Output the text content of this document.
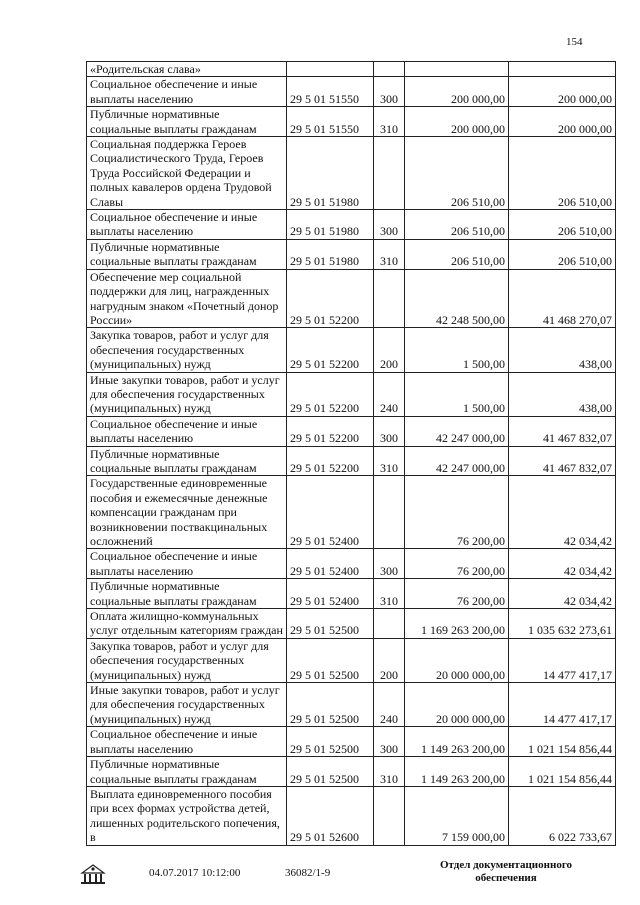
154
«Родительская слава»				
Социальное обеспечение и иные выплаты населению	29 5 01 51550	300	200 000,00	200 000,00
Публичные нормативные социальные выплаты гражданам	29 5 01 51550	310	200 000,00	200 000,00
Социальная поддержка Героев Социалистического Труда, Героев Труда Российской Федерации и полных кавалеров ордена Трудовой Славы	29 5 01 51980		206 510,00	206 510,00
Социальное обеспечение и иные выплаты населению	29 5 01 51980	300	206 510,00	206 510,00
Публичные нормативные социальные выплаты гражданам	29 5 01 51980	310	206 510,00	206 510,00
Обеспечение мер социальной поддержки для лиц, награжденных нагрудным знаком «Почетный донор России»	29 5 01 52200		42 248 500,00	41 468 270,07
Закупка товаров, работ и услуг для обеспечения государственных (муниципальных) нужд	29 5 01 52200	200	1 500,00	438,00
Иные закупки товаров, работ и услуг для обеспечения государственных (муниципальных) нужд	29 5 01 52200	240	1 500,00	438,00
Социальное обеспечение и иные выплаты населению	29 5 01 52200	300	42 247 000,00	41 467 832,07
Публичные нормативные социальные выплаты гражданам	29 5 01 52200	310	42 247 000,00	41 467 832,07
Государственные единовременные пособия и ежемесячные денежные компенсации гражданам при возникновении поствакцинальных осложнений	29 5 01 52400		76 200,00	42 034,42
Социальное обеспечение и иные выплаты населению	29 5 01 52400	300	76 200,00	42 034,42
Публичные нормативные социальные выплаты гражданам	29 5 01 52400	310	76 200,00	42 034,42
Оплата жилищно-коммунальных услуг отдельным категориям граждан	29 5 01 52500		1 169 263 200,00	1 035 632 273,61
Закупка товаров, работ и услуг для обеспечения государственных (муниципальных) нужд	29 5 01 52500	200	20 000 000,00	14 477 417,17
Иные закупки товаров, работ и услуг для обеспечения государственных (муниципальных) нужд	29 5 01 52500	240	20 000 000,00	14 477 417,17
Социальное обеспечение и иные выплаты населению	29 5 01 52500	300	1 149 263 200,00	1 021 154 856,44
Публичные нормативные социальные выплаты гражданам	29 5 01 52500	310	1 149 263 200,00	1 021 154 856,44
Выплата единовременного пособия при всех формах устройства детей, лишенных родительского попечения, в	29 5 01 52600		7 159 000,00	6 022 733,67
04.07.2017 10:12:00	36082/1-9
Отдел документационного обеспечения
